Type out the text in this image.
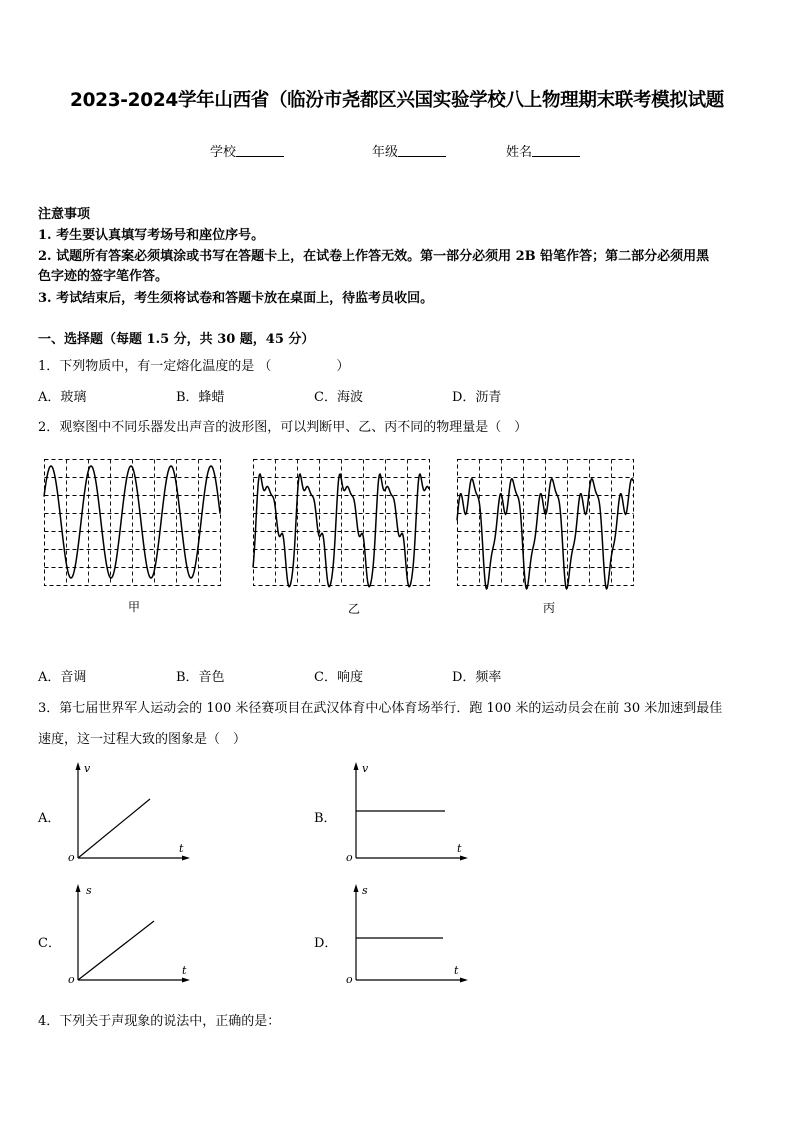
2023-2024学年山西省（临汾市尧都区兴国实验学校八上物理期末联考模拟试题
学校	年级	姓名
注意事项
1. 考生要认真填写考场号和座位序号。
2. 试题所有答案必须填涂或书写在答题卡上，在试卷上作答无效。第一部分必须用 2B 铅笔作答；第二部分必须用黑
色字迹的签字笔作答。
3. 考试结束后，考生须将试卷和答题卡放在桌面上，待监考员收回。
一、选择题（每题 1.5 分，共 30 题，45 分）
1．下列物质中，有一定熔化温度的是 （　　　　　）
A．玻璃	B．蜂蜡	C．海波	D．沥青
2．观察图中不同乐器发出声音的波形图，可以判断甲、乙、丙不同的物理量是（　）
甲	乙	丙
A．音调	B．音色	C．响度	D．频率
3．第七届世界军人运动会的 100 米径赛项目在武汉体育中心体育场举行．跑 100 米的运动员会在前 30 米加速到最佳
速度，这一过程大致的图象是（　）
A．
v
t
o
B．
v
t
o
C．
s
t
o
D．
s
t
o
4．下列关于声现象的说法中，正确的是：
